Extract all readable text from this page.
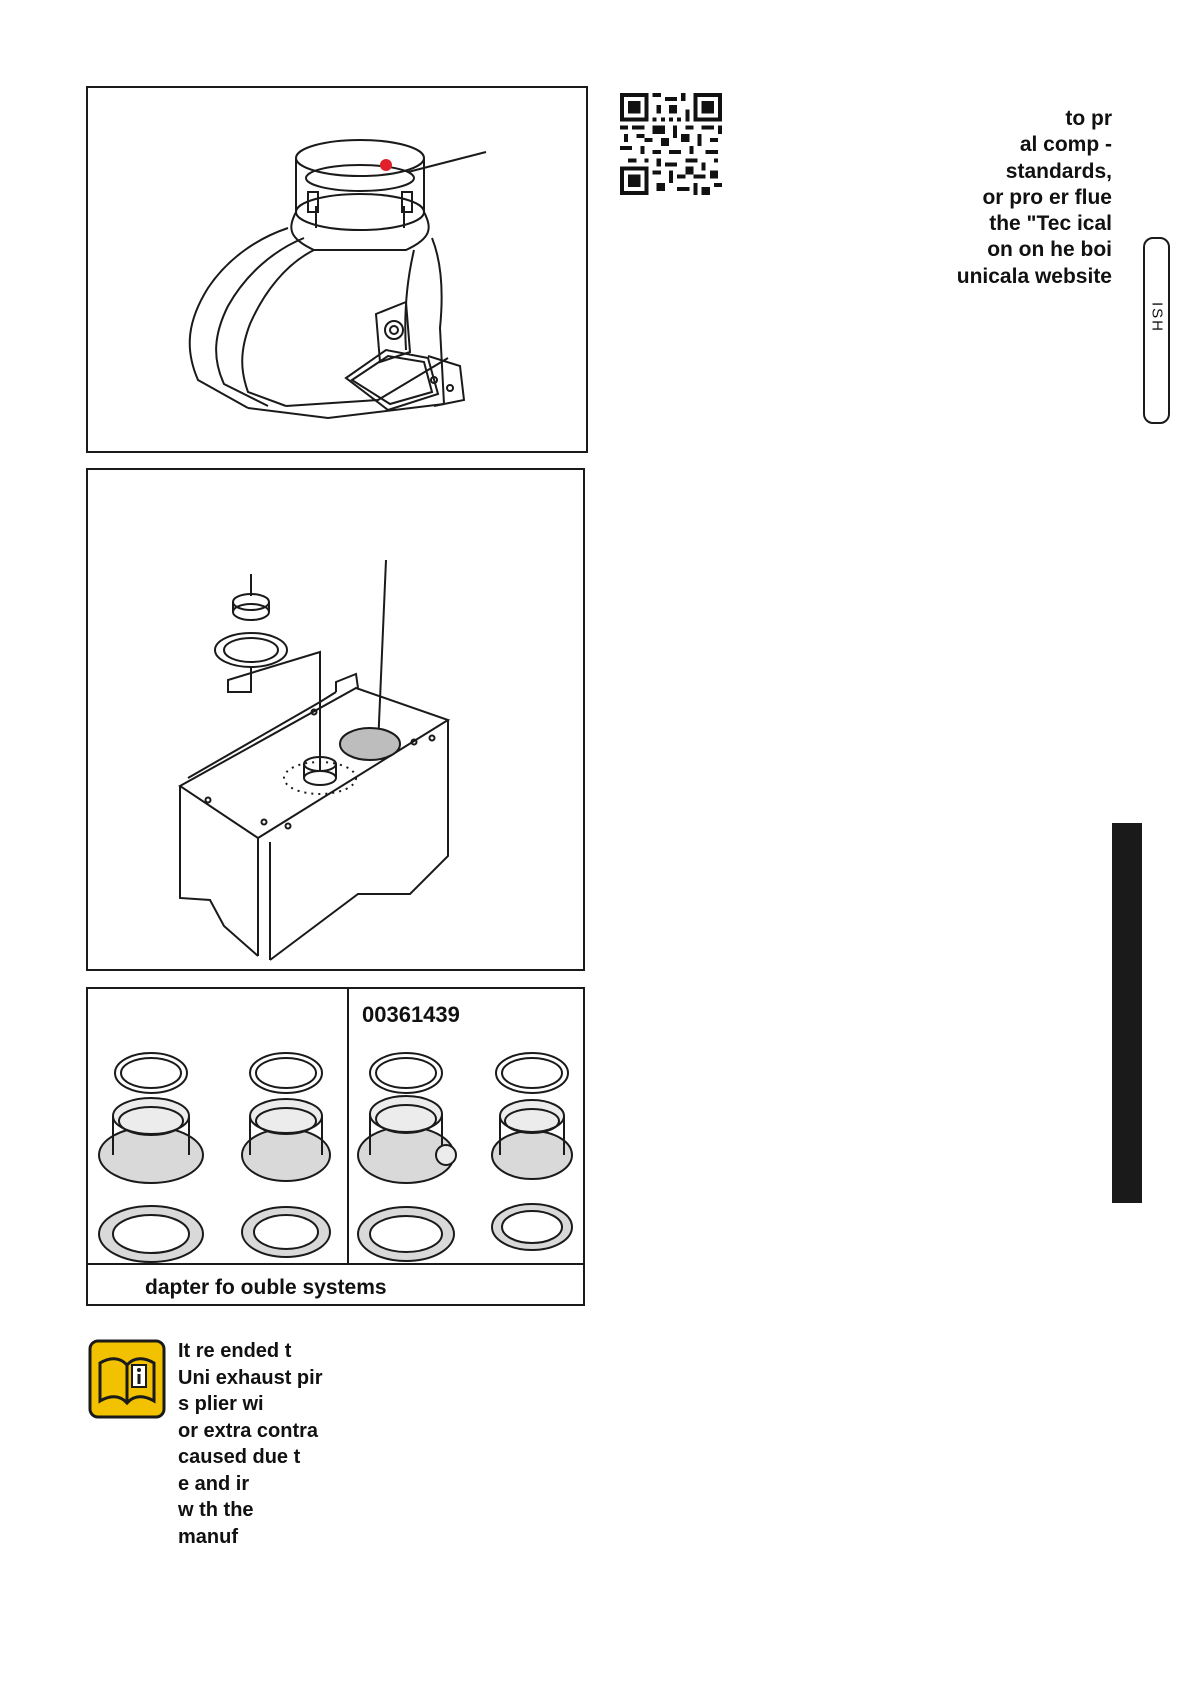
00361439
dapter fo ouble systems
It re ended t
Uni exhaust pir
s plier wi
or extra contra
caused due t
e and ir
w th the
manuf
to pr
al comp -
standards,
or pro er flue
the "Tec ical
on on he boi
unicala website
ISH
